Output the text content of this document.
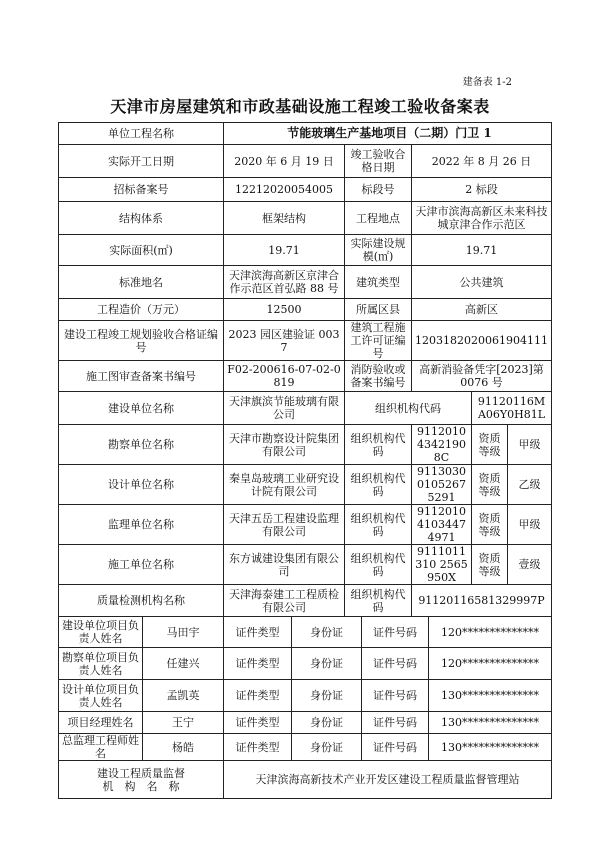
建备表 1-2
天津市房屋建筑和市政基础设施工程竣工验收备案表
单位工程名称		节能玻璃生产基地项目（二期）门卫 1							
实际开工日期		2020 年 6 月 19 日		竣工验收合格日期		2022 年 8 月 26 日			
招标备案号		12212020054005		标段号		2 标段			
结构体系		框架结构		工程地点		天津市滨海高新区未来科技城京津合作示范区			
实际面积(㎡)		19.71		实际建设规模(㎡)		19.71			
标准地名		天津滨海高新区京津合作示范区首弘路 88 号		建筑类型		公共建筑			
工程造价（万元）		12500		所属区县		高新区			
建设工程竣工规划验收合格证编号		2023 园区建验证 0037		建筑工程施工许可证编号		12031820200619041​11			
施工图审查备案书编号		F02-200616-07-02-0819		消防验收或备案书编号		高新消验备凭字[2023]第 0076 号			
建设单位名称		天津旗滨节能玻璃有限公司		组织机构代码				91120116MA06Y0H81L	
勘察单位名称		天津市勘察设计院集团有限公司		组织机构代码		911201043421908C		资质等级	甲级
设计单位名称		秦皇岛玻璃工业研究设计院有限公司		组织机构代码		91130300105267​5291		资质等级	乙级
监理单位名称		天津五岳工程建设监理有限公司		组织机构代码		911201041034474971		资质等级	甲级
施工单位名称		东方诚建设集团有限公司		组织机构代码		9111011310 2565950X		资质等级	壹级
质量检测机构名称		天津海泰建工工程质检有限公司		组织机构代码		91120116581329997P			
建设单位项目负责人姓名	马田宇	证件类型	身份证		证件号码		120**************		
勘察单位项目负责人姓名	任建兴	证件类型	身份证		证件号码		120**************		
设计单位项目负责人姓名	孟凯英	证件类型	身份证		证件号码		130**************		
项目经理姓名	王宁	证件类型	身份证		证件号码		130**************		
总监理工程师姓名	杨皓	证件类型	身份证		证件号码		130**************		

建设工程质量监督
机　构　名　称		天津滨海高新技术产业开发区建设工程质量监督管理站							
